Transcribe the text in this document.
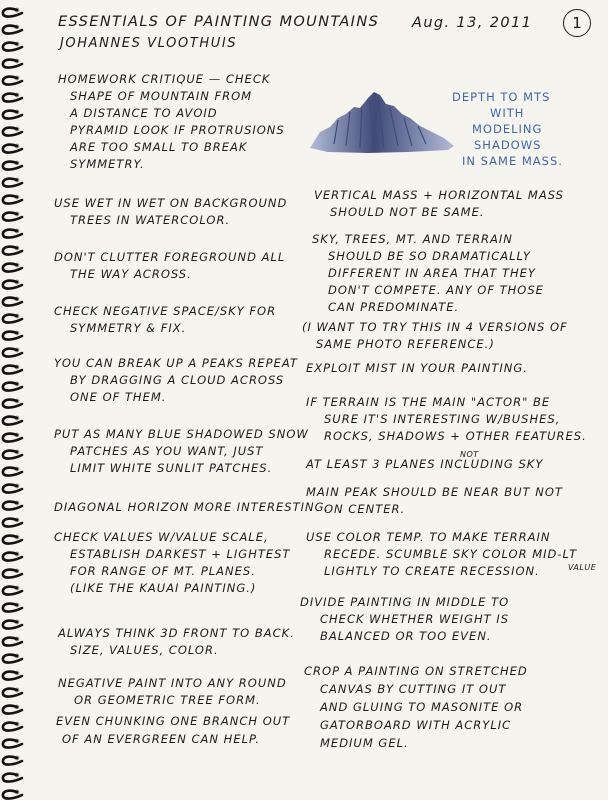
ESSENTIALS OF PAINTING MOUNTAINS
JOHANNES VLOOTHUIS
Aug. 13, 2011	1
DEPTH TO MTS
WITH
MODELING
SHADOWS
IN SAME MASS.
HOMEWORK CRITIQUE — CHECK
SHAPE OF MOUNTAIN FROM
A DISTANCE TO AVOID
PYRAMID LOOK IF PROTRUSIONS
ARE TOO SMALL TO BREAK
SYMMETRY.
USE WET IN WET ON BACKGROUND
TREES IN WATERCOLOR.
DON'T CLUTTER FOREGROUND ALL
THE WAY ACROSS.
CHECK NEGATIVE SPACE/SKY FOR
SYMMETRY & FIX.
YOU CAN BREAK UP A PEAKS REPEAT
BY DRAGGING A CLOUD ACROSS
ONE OF THEM.
PUT AS MANY BLUE SHADOWED SNOW
PATCHES AS YOU WANT, JUST
LIMIT WHITE SUNLIT PATCHES.
DIAGONAL HORIZON MORE INTERESTING.
CHECK VALUES W/VALUE SCALE,
ESTABLISH DARKEST + LIGHTEST
FOR RANGE OF MT. PLANES.
(LIKE THE KAUAI PAINTING.)
ALWAYS THINK 3D FRONT TO BACK.
SIZE, VALUES, COLOR.
NEGATIVE PAINT INTO ANY ROUND
OR GEOMETRIC TREE FORM.
EVEN CHUNKING ONE BRANCH OUT
OF AN EVERGREEN CAN HELP.
VERTICAL MASS + HORIZONTAL MASS
SHOULD NOT BE SAME.
SKY, TREES, MT. AND TERRAIN
SHOULD BE SO DRAMATICALLY
DIFFERENT IN AREA THAT THEY
DON'T COMPETE. ANY OF THOSE
CAN PREDOMINATE.
(I WANT TO TRY THIS IN 4 VERSIONS OF
SAME PHOTO REFERENCE.)
EXPLOIT MIST IN YOUR PAINTING.
IF TERRAIN IS THE MAIN "ACTOR" BE
SURE IT'S INTERESTING W/BUSHES,
ROCKS, SHADOWS + OTHER FEATURES.
AT LEAST 3 PLANES INCLUDING SKY
NOT
MAIN PEAK SHOULD BE NEAR BUT NOT
ON CENTER.
USE COLOR TEMP. TO MAKE TERRAIN
RECEDE. SCUMBLE SKY COLOR MID-LT
LIGHTLY TO CREATE RECESSION.	VALUE
DIVIDE PAINTING IN MIDDLE TO
CHECK WHETHER WEIGHT IS
BALANCED OR TOO EVEN.
CROP A PAINTING ON STRETCHED
CANVAS BY CUTTING IT OUT
AND GLUING TO MASONITE OR
GATORBOARD WITH ACRYLIC
MEDIUM GEL.
